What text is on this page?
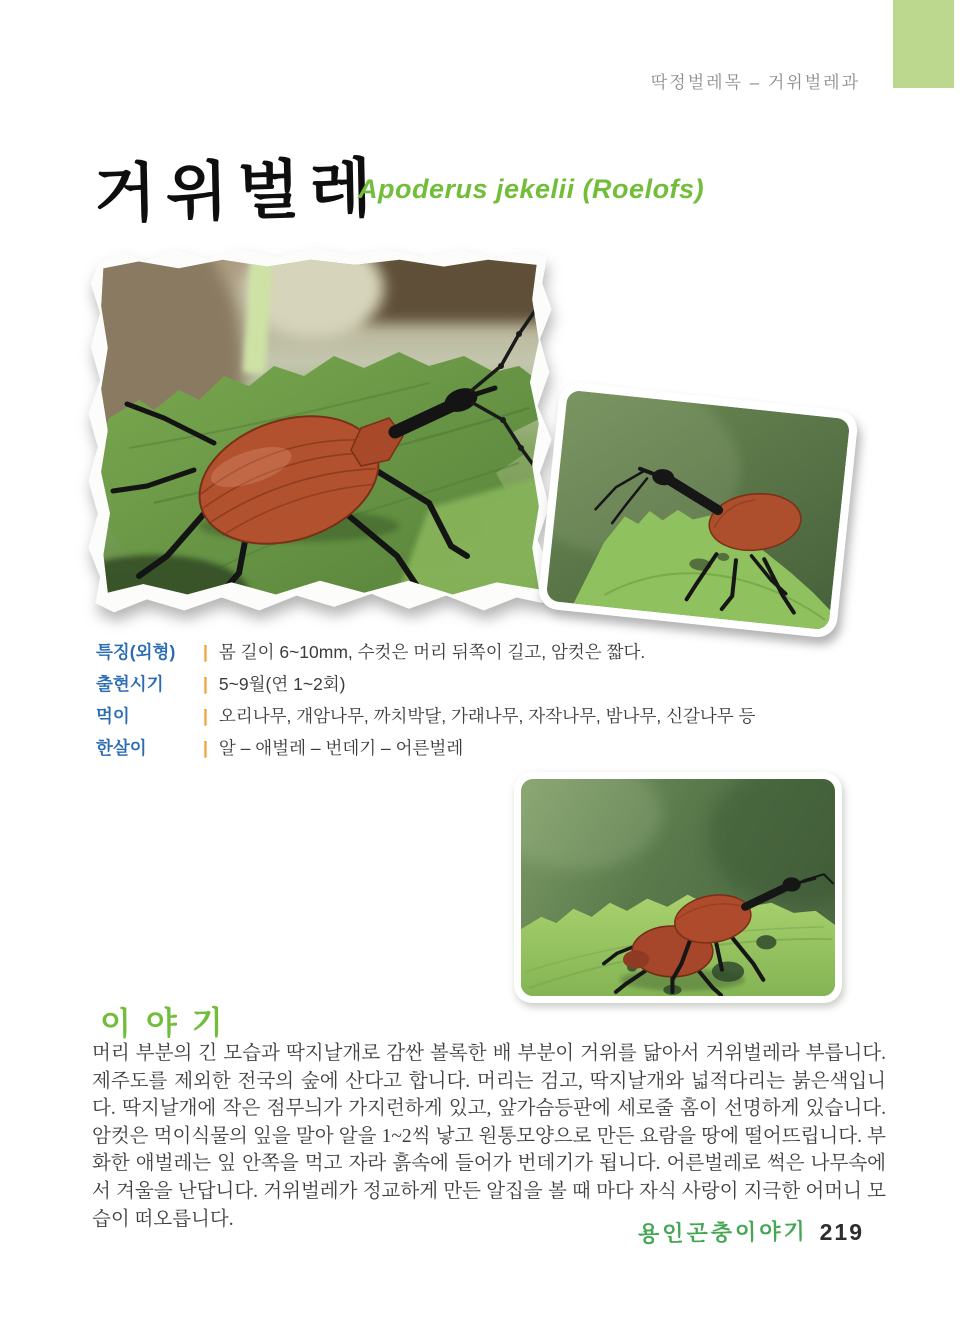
딱정벌레목 – 거위벌레과
거위벌레
Apoderus jekelii (Roelofs)
특징(외형)	| 몸 길이 6~10mm, 수컷은 머리 뒤쪽이 길고, 암컷은 짧다.
출현시기	| 5~9월(연 1~2회)
먹이	| 오리나무, 개암나무, 까치박달, 가래나무, 자작나무, 밤나무, 신갈나무 등
한살이	| 알 – 애벌레 – 번데기 – 어른벌레
이야기

머리 부분의 긴 모습과 딱지날개로 감싼 볼록한 배 부분이 거위를 닮아서 거위벌레라 부릅니다. 제주도를 제외한 전국의 숲에 산다고 합니다. 머리는 검고, 딱지날개와 넓적다리는 붉은색입니다. 딱지날개에 작은 점무늬가 가지런하게 있고, 앞가슴등판에 세로줄 홈이 선명하게 있습니다. 암컷은 먹이식물의 잎을 말아 알을 1~2씩 낳고 원통모양으로 만든 요람을 땅에 떨어뜨립니다. 부화한 애벌레는 잎 안쪽을 먹고 자라 흙속에 들어가 번데기가 됩니다. 어른벌레로 썩은 나무속에서 겨울을 난답니다. 거위벌레가 정교하게 만든 알집을 볼 때 마다 자식 사랑이 지극한 어머니 모습이 떠오릅니다.	용인곤충이야기 219
